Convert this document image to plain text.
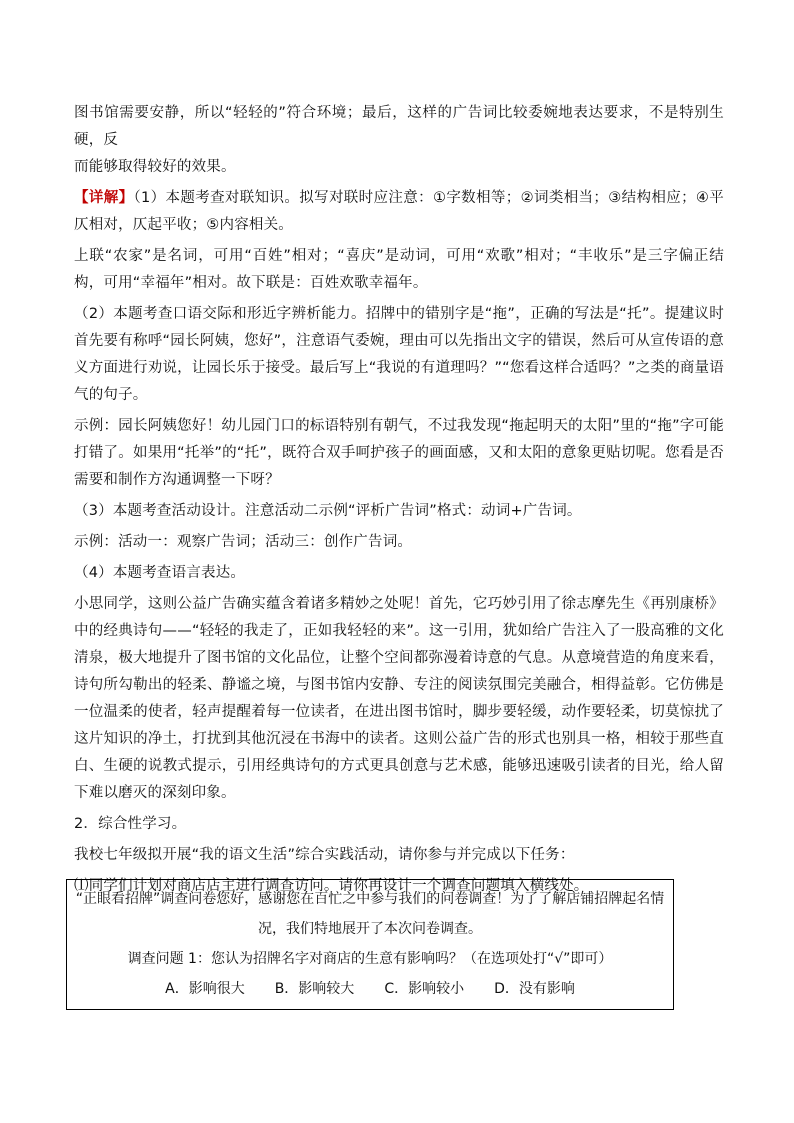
图书馆需要安静，所以“轻轻的”符合环境；最后，这样的广告词比较委婉地表达要求，不是特别生硬，反

而能够取得较好的效果。

【详解】（1）本题考查对联知识。拟写对联时应注意：①字数相等；②词类相当；③结构相应；④平仄相对，仄起平收；⑤内容相关。

上联“农家”是名词，可用“百姓”相对；“喜庆”是动词，可用“欢歌”相对；“丰收乐”是三字偏正结构，可用“幸福年”相对。故下联是：百姓欢歌幸福年。

（2）本题考查口语交际和形近字辨析能力。招牌中的错别字是“拖”，正确的写法是“托”。提建议时首先要有称呼“园长阿姨，您好”，注意语气委婉，理由可以先指出文字的错误，然后可从宣传语的意义方面进行劝说，让园长乐于接受。最后写上“我说的有道理吗？”“您看这样合适吗？”之类的商量语气的句子。

示例：园长阿姨您好！幼儿园门口的标语特别有朝气，不过我发现“拖起明天的太阳”里的“拖”字可能打错了。如果用“托举”的“托”，既符合双手呵护孩子的画面感，又和太阳的意象更贴切呢。您看是否需要和制作方沟通调整一下呀？

（3）本题考查活动设计。注意活动二示例“评析广告词”格式：动词+广告词。

示例：活动一：观察广告词；活动三：创作广告词。

（4）本题考查语言表达。

小思同学，这则公益广告确实蕴含着诸多精妙之处呢！首先，它巧妙引用了徐志摩先生《再别康桥》中的经典诗句——“轻轻的我走了，正如我轻轻的来”。这一引用，犹如给广告注入了一股高雅的文化清泉，极大地提升了图书馆的文化品位，让整个空间都弥漫着诗意的气息。从意境营造的角度来看，诗句所勾勒出的轻柔、静谧之境，与图书馆内安静、专注的阅读氛围完美融合，相得益彰。它仿佛是一位温柔的使者，轻声提醒着每一位读者，在进出图书馆时，脚步要轻缓，动作要轻柔，切莫惊扰了这片知识的净土，打扰到其他沉浸在书海中的读者。这则公益广告的形式也别具一格，相较于那些直白、生硬的说教式提示，引用经典诗句的方式更具创意与艺术感，能够迅速吸引读者的目光，给人留下难以磨灭的深刻印象。

2．综合性学习。

我校七年级拟开展“我的语文生活”综合实践活动，请你参与并完成以下任务：

⑴同学们计划对商店店主进行调查访问。请你再设计一个调查问题填入横线处。

“正眼看招牌”调查问卷您好，感谢您在百忙之中参与我们的问卷调查！为了了解店铺招牌起名情

况，我们特地展开了本次问卷调查。

调查问题 1：您认为招牌名字对商店的生意有影响吗？（在选项处打“√”即可）

A．影响很大 B．影响较大 C．影响较小 D．没有影响
